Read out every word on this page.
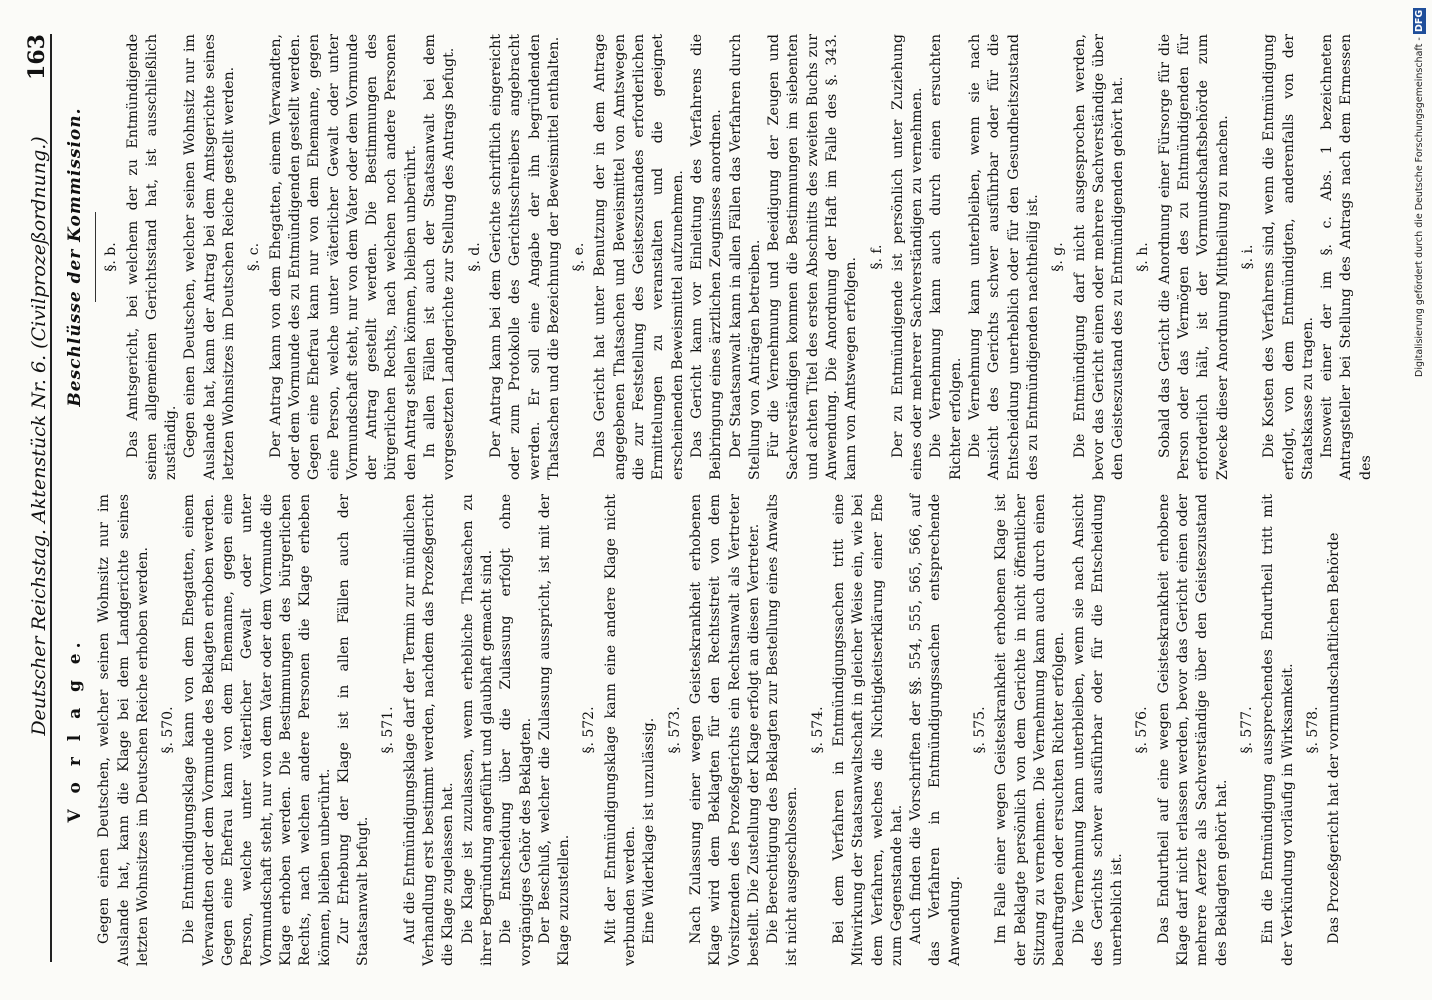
Deutscher Reichstag. Aktenstück Nr. 6. (Civilprozeßordnung.)
163
V o r l a g e. Gegen einen Deutschen, welcher seinen Wohnsitz nur im Auslande hat, kann die Klage bei dem Landgerichte seines letzten Wohnsitzes im Deutschen Reiche erhoben werden. §. 570. Die Entmündigungsklage kann von dem Ehegatten, einem Verwandten oder dem Vormunde des Beklagten erhoben werden. Gegen eine Ehefrau kann von dem Ehemanne, gegen eine Person, welche unter väterlicher Gewalt oder unter Vormundschaft steht, nur von dem Vater oder dem Vormunde die Klage erhoben werden. Die Bestimmungen des bürgerlichen Rechts, nach welchen andere Personen die Klage erheben können, bleiben unberührt. Zur Erhebung der Klage ist in allen Fällen auch der Staatsanwalt befugt.

§. 571. Auf die Entmündigungsklage darf der Termin zur mündlichen Verhandlung erst bestimmt werden, nachdem das Prozeßgericht die Klage zugelassen hat. Die Klage ist zuzulassen, wenn erhebliche Thatsachen zu ihrer Begründung angeführt und glaubhaft gemacht sind. Die Entscheidung über die Zulassung erfolgt ohne vorgängiges Gehör des Beklagten. Der Beschluß, welcher die Zulassung ausspricht, ist mit der Klage zuzustellen.

§. 572. Mit der Entmündigungsklage kann eine andere Klage nicht verbunden werden. Eine Widerklage ist unzulässig. §. 573. Nach Zulassung einer wegen Geisteskrankheit erhobenen Klage wird dem Beklagten für den Rechtsstreit von dem Vorsitzenden des Prozeßgerichts ein Rechtsanwalt als Vertreter bestellt. Die Zustellung der Klage erfolgt an diesen Vertreter. Die Berechtigung des Beklagten zur Bestellung eines Anwalts ist nicht ausgeschlossen.

§. 574. Bei dem Verfahren in Entmündigungssachen tritt eine Mitwirkung der Staatsanwaltschaft in gleicher Weise ein, wie bei dem Verfahren, welches die Nichtigkeitserklärung einer Ehe zum Gegenstande hat. Auch finden die Vorschriften der §§. 554, 555, 565, 566, auf das Verfahren in Entmündigungssachen entsprechende Anwendung.

§. 575. Im Falle einer wegen Geisteskrankheit erhobenen Klage ist der Beklagte persönlich von dem Gerichte in nicht öffentlicher Sitzung zu vernehmen. Die Vernehmung kann auch durch einen beauftragten oder ersuchten Richter erfolgen. Die Vernehmung kann unterbleiben, wenn sie nach Ansicht des Gerichts schwer ausführbar oder für die Entscheidung unerheblich ist.

§. 576. Das Endurtheil auf eine wegen Geisteskrankheit erhobene Klage darf nicht erlassen werden, bevor das Gericht einen oder mehrere Aerzte als Sachverständige über den Geisteszustand des Beklagten gehört hat.

§. 577. Ein die Entmündigung aussprechendes Endurtheil tritt mit der Verkündung vorläufig in Wirksamkeit. §. 578. Das Prozeßgericht hat der vormundschaftlichen Behörde

Beschlüsse der Kommission. §. b. Das Amtsgericht, bei welchem der zu Entmündigende seinen allgemeinen Gerichtsstand hat, ist ausschließlich zuständig. Gegen einen Deutschen, welcher seinen Wohnsitz nur im Auslande hat, kann der Antrag bei dem Amtsgerichte seines letzten Wohnsitzes im Deutschen Reiche gestellt werden. §. c. Der Antrag kann von dem Ehegatten, einem Verwandten, oder dem Vormunde des zu Entmündigenden gestellt werden. Gegen eine Ehefrau kann nur von dem Ehemanne, gegen eine Person, welche unter väterlicher Gewalt oder unter Vormundschaft steht, nur von dem Vater oder dem Vormunde der Antrag gestellt werden. Die Bestimmungen des bürgerlichen Rechts, nach welchen noch andere Personen den Antrag stellen können, bleiben unberührt. In allen Fällen ist auch der Staatsanwalt bei dem vorgesetzten Landgerichte zur Stellung des Antrags befugt. §. d. Der Antrag kann bei dem Gerichte schriftlich eingereicht oder zum Protokolle des Gerichtsschreibers angebracht werden. Er soll eine Angabe der ihn begründenden Thatsachen und die Bezeichnung der Beweismittel enthalten. §. e. Das Gericht hat unter Benutzung der in dem Antrage angegebenen Thatsachen und Beweismittel von Amtswegen die zur Feststellung des Geisteszustandes erforderlichen Ermittelungen zu veranstalten und die geeignet erscheinenden Beweismittel aufzunehmen. Das Gericht kann vor Einleitung des Verfahrens die Beibringung eines ärztlichen Zeugnisses anordnen. Der Staatsanwalt kann in allen Fällen das Verfahren durch Stellung von Anträgen betreiben. Für die Vernehmung und Beeidigung der Zeugen und Sachverständigen kommen die Bestimmungen im siebenten und achten Titel des ersten Abschnitts des zweiten Buchs zur Anwendung. Die Anordnung der Haft im Falle des §. 343. kann von Amtswegen erfolgen. §. f. Der zu Entmündigende ist persönlich unter Zuziehung eines oder mehrerer Sachverständigen zu vernehmen. Die Vernehmung kann auch durch einen ersuchten Richter erfolgen. Die Vernehmung kann unterbleiben, wenn sie nach Ansicht des Gerichts schwer ausführbar oder für die Entscheidung unerheblich oder für den Gesundheitszustand des zu Entmündigenden nachtheilig ist. §. g. Die Entmündigung darf nicht ausgesprochen werden, bevor das Gericht einen oder mehrere Sachverständige über den Geisteszustand des zu Entmündigenden gehört hat. §. h. Sobald das Gericht die Anordnung einer Fürsorge für die Person oder das Vermögen des zu Entmündigenden für erforderlich hält, ist der Vormundschaftsbehörde zum Zwecke dieser Anordnung Mittheilung zu machen. §. i. Die Kosten des Verfahrens sind, wenn die Entmündigung erfolgt, von dem Entmündigten, anderenfalls von der Staatskasse zu tragen. Insoweit einer der im §. c. Abs. 1 bezeichneten Antragsteller bei Stellung des Antrags nach dem Ermessen des

Digitalisierung gefördert durch die Deutsche Forschungsgemeinschaft - DFG
